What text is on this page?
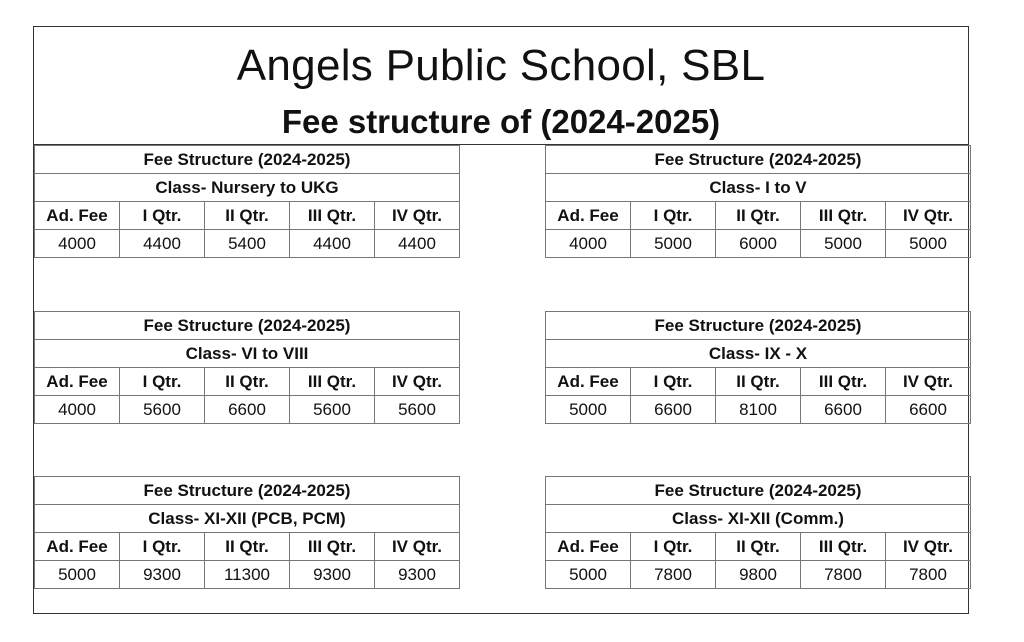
Angels Public School, SBL
Fee structure of (2024-2025)
Fee Structure (2024-2025)				
Class- Nursery to UKG				
Ad. Fee	I Qtr.	II Qtr.	III Qtr.	IV Qtr.
4000	4400	5400	4400	4400
Fee Structure (2024-2025)				
Class- I to V				
Ad. Fee	I Qtr.	II Qtr.	III Qtr.	IV Qtr.
4000	5000	6000	5000	5000
Fee Structure (2024-2025)				
Class- VI to VIII				
Ad. Fee	I Qtr.	II Qtr.	III Qtr.	IV Qtr.
4000	5600	6600	5600	5600
Fee Structure (2024-2025)				
Class- IX - X				
Ad. Fee	I Qtr.	II Qtr.	III Qtr.	IV Qtr.
5000	6600	8100	6600	6600
Fee Structure (2024-2025)				
Class- XI-XII (PCB, PCM)				
Ad. Fee	I Qtr.	II Qtr.	III Qtr.	IV Qtr.
5000	9300	11300	9300	9300
Fee Structure (2024-2025)				
Class- XI-XII (Comm.)				
Ad. Fee	I Qtr.	II Qtr.	III Qtr.	IV Qtr.
5000	7800	9800	7800	7800
